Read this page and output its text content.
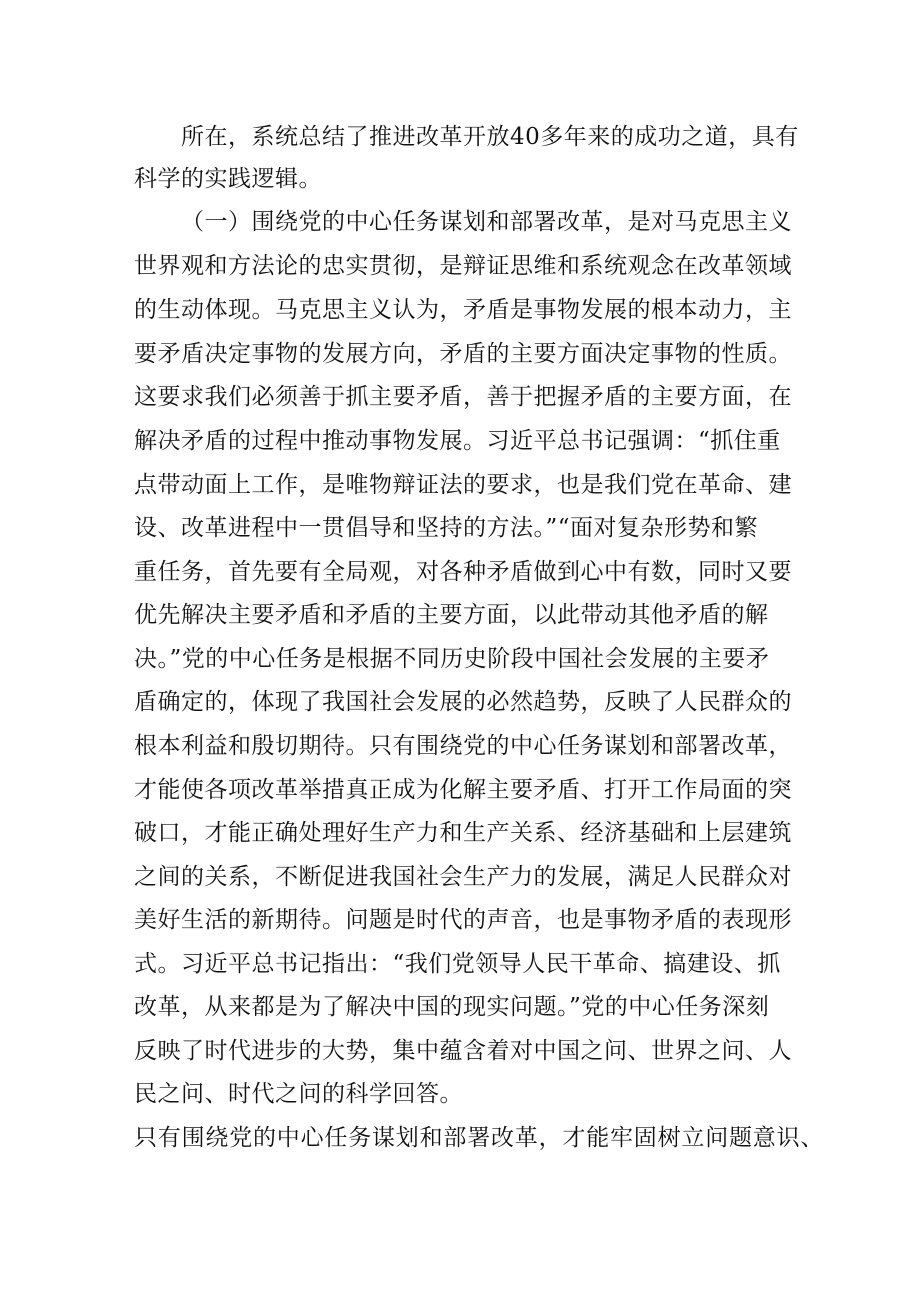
所在，系统总结了推进改革开放40多年来的成功之道，具有
科学的实践逻辑。
（一）围绕党的中心任务谋划和部署改革，是对马克思主义
世界观和方法论的忠实贯彻，是辩证思维和系统观念在改革领域
的生动体现。马克思主义认为，矛盾是事物发展的根本动力，主
要矛盾决定事物的发展方向，矛盾的主要方面决定事物的性质。
这要求我们必须善于抓主要矛盾，善于把握矛盾的主要方面，在
解决矛盾的过程中推动事物发展。习近平总书记强调：“抓住重
点带动面上工作，是唯物辩证法的要求，也是我们党在革命、建
设、改革进程中一贯倡导和坚持的方法。”“面对复杂形势和繁
重任务，首先要有全局观，对各种矛盾做到心中有数，同时又要
优先解决主要矛盾和矛盾的主要方面，以此带动其他矛盾的解
决。”党的中心任务是根据不同历史阶段中国社会发展的主要矛
盾确定的，体现了我国社会发展的必然趋势，反映了人民群众的
根本利益和殷切期待。只有围绕党的中心任务谋划和部署改革，
才能使各项改革举措真正成为化解主要矛盾、打开工作局面的突
破口，才能正确处理好生产力和生产关系、经济基础和上层建筑
之间的关系，不断促进我国社会生产力的发展，满足人民群众对
美好生活的新期待。问题是时代的声音，也是事物矛盾的表现形
式。习近平总书记指出：“我们党领导人民干革命、搞建设、抓
改革，从来都是为了解决中国的现实问题。”党的中心任务深刻
反映了时代进步的大势，集中蕴含着对中国之问、世界之问、人
民之问、时代之问的科学回答。
只有围绕党的中心任务谋划和部署改革，才能牢固树立问题意识、
